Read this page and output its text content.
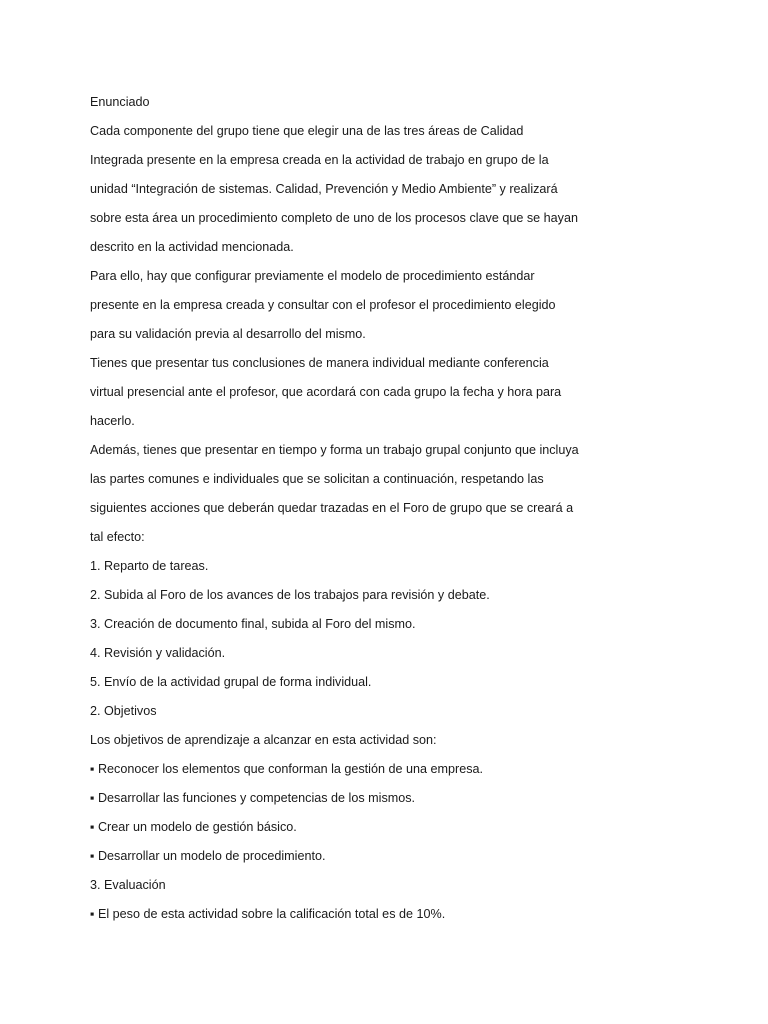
Enunciado
Cada componente del grupo tiene que elegir una de las tres áreas de Calidad
Integrada presente en la empresa creada en la actividad de trabajo en grupo de la
unidad “Integración de sistemas. Calidad, Prevención y Medio Ambiente” y realizará
sobre esta área un procedimiento completo de uno de los procesos clave que se hayan
descrito en la actividad mencionada.
Para ello, hay que configurar previamente el modelo de procedimiento estándar
presente en la empresa creada y consultar con el profesor el procedimiento elegido
para su validación previa al desarrollo del mismo.
Tienes que presentar tus conclusiones de manera individual mediante conferencia
virtual presencial ante el profesor, que acordará con cada grupo la fecha y hora para
hacerlo.
Además, tienes que presentar en tiempo y forma un trabajo grupal conjunto que incluya
las partes comunes e individuales que se solicitan a continuación, respetando las
siguientes acciones que deberán quedar trazadas en el Foro de grupo que se creará a
tal efecto:
1. Reparto de tareas.
2. Subida al Foro de los avances de los trabajos para revisión y debate.
3. Creación de documento final, subida al Foro del mismo.
4. Revisión y validación.
5. Envío de la actividad grupal de forma individual.
2. Objetivos
Los objetivos de aprendizaje a alcanzar en esta actividad son:
▪ Reconocer los elementos que conforman la gestión de una empresa.
▪ Desarrollar las funciones y competencias de los mismos.
▪ Crear un modelo de gestión básico.
▪ Desarrollar un modelo de procedimiento.
3. Evaluación
▪ El peso de esta actividad sobre la calificación total es de 10%.
